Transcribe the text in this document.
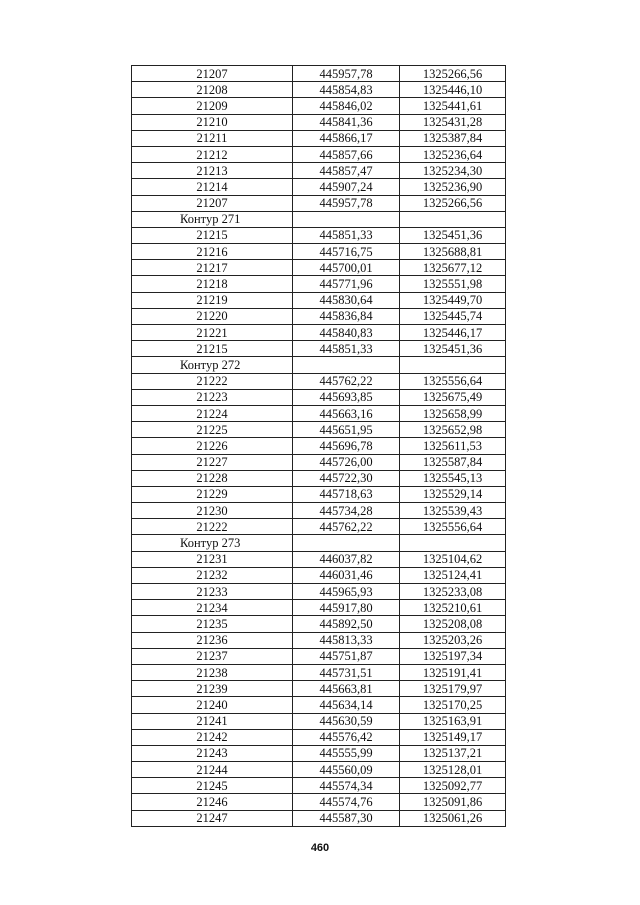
21207	445957,78	1325266,56
21208	445854,83	1325446,10
21209	445846,02	1325441,61
21210	445841,36	1325431,28
21211	445866,17	1325387,84
21212	445857,66	1325236,64
21213	445857,47	1325234,30
21214	445907,24	1325236,90
21207	445957,78	1325266,56
Контур 271		
21215	445851,33	1325451,36
21216	445716,75	1325688,81
21217	445700,01	1325677,12
21218	445771,96	1325551,98
21219	445830,64	1325449,70
21220	445836,84	1325445,74
21221	445840,83	1325446,17
21215	445851,33	1325451,36
Контур 272		
21222	445762,22	1325556,64
21223	445693,85	1325675,49
21224	445663,16	1325658,99
21225	445651,95	1325652,98
21226	445696,78	1325611,53
21227	445726,00	1325587,84
21228	445722,30	1325545,13
21229	445718,63	1325529,14
21230	445734,28	1325539,43
21222	445762,22	1325556,64
Контур 273		
21231	446037,82	1325104,62
21232	446031,46	1325124,41
21233	445965,93	1325233,08
21234	445917,80	1325210,61
21235	445892,50	1325208,08
21236	445813,33	1325203,26
21237	445751,87	1325197,34
21238	445731,51	1325191,41
21239	445663,81	1325179,97
21240	445634,14	1325170,25
21241	445630,59	1325163,91
21242	445576,42	1325149,17
21243	445555,99	1325137,21
21244	445560,09	1325128,01
21245	445574,34	1325092,77
21246	445574,76	1325091,86
21247	445587,30	1325061,26
460
